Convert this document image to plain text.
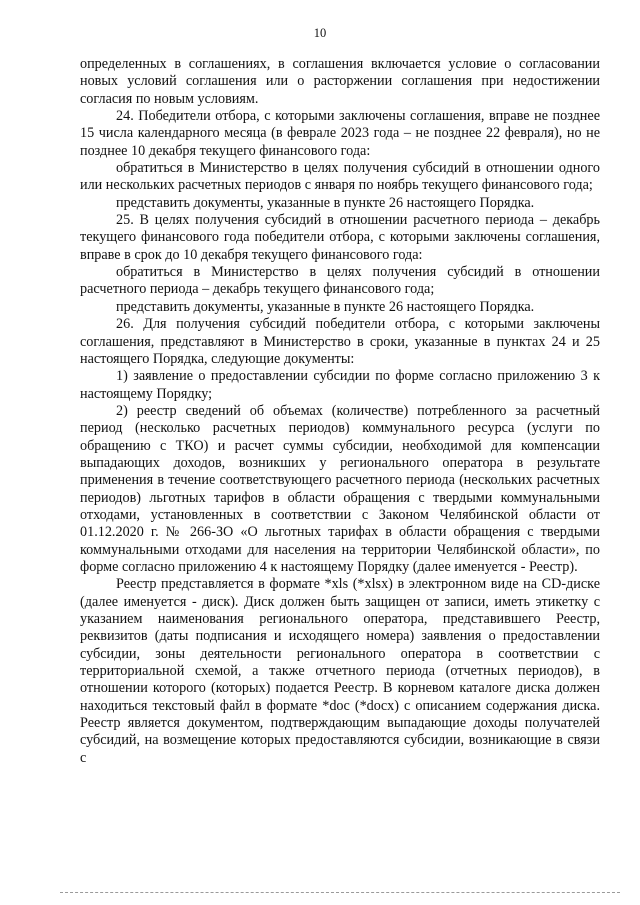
10

определенных в соглашениях, в соглашения включается условие о согласовании новых условий соглашения или о расторжении соглашения при недостижении согласия по новым условиям.

24. Победители отбора, с которыми заключены соглашения, вправе не позднее 15 числа календарного месяца (в феврале 2023 года – не позднее 22 февраля), но не позднее 10 декабря текущего финансового года:

обратиться в Министерство в целях получения субсидий в отношении одного или нескольких расчетных периодов с января по ноябрь текущего финансового года;

представить документы, указанные в пункте 26 настоящего Порядка.

25. В целях получения субсидий в отношении расчетного периода – декабрь текущего финансового года победители отбора, с которыми заключены соглашения, вправе в срок до 10 декабря текущего финансового года:

обратиться в Министерство в целях получения субсидий в отношении расчетного периода – декабрь текущего финансового года;

представить документы, указанные в пункте 26 настоящего Порядка.

26. Для получения субсидий победители отбора, с которыми заключены соглашения, представляют в Министерство в сроки, указанные в пунктах 24 и 25 настоящего Порядка, следующие документы:

1) заявление о предоставлении субсидии по форме согласно приложению 3 к настоящему Порядку;

2) реестр сведений об объемах (количестве) потребленного за расчетный период (несколько расчетных периодов) коммунального ресурса (услуги по обращению с ТКО) и расчет суммы субсидии, необходимой для компенсации выпадающих доходов, возникших у регионального оператора в результате применения в течение соответствующего расчетного периода (нескольких расчетных периодов) льготных тарифов в области обращения с твердыми коммунальными отходами, установленных в соответствии с Законом Челябинской области от 01.12.2020 г. № 266-ЗО «О льготных тарифах в области обращения с твердыми коммунальными отходами для населения на территории Челябинской области», по форме согласно приложению 4 к настоящему Порядку (далее именуется - Реестр).

Реестр представляется в формате *xls (*xlsx) в электронном виде на CD-диске (далее именуется - диск). Диск должен быть защищен от записи, иметь этикетку с указанием наименования регионального оператора, представившего Реестр, реквизитов (даты подписания и исходящего номера) заявления о предоставлении субсидии, зоны деятельности регионального оператора в соответствии с территориальной схемой, а также отчетного периода (отчетных периодов), в отношении которого (которых) подается Реестр. В корневом каталоге диска должен находиться текстовый файл в формате *doc (*docx) с описанием содержания диска. Реестр является документом, подтверждающим выпадающие доходы получателей субсидий, на возмещение которых предоставляются субсидии, возникающие в связи с
